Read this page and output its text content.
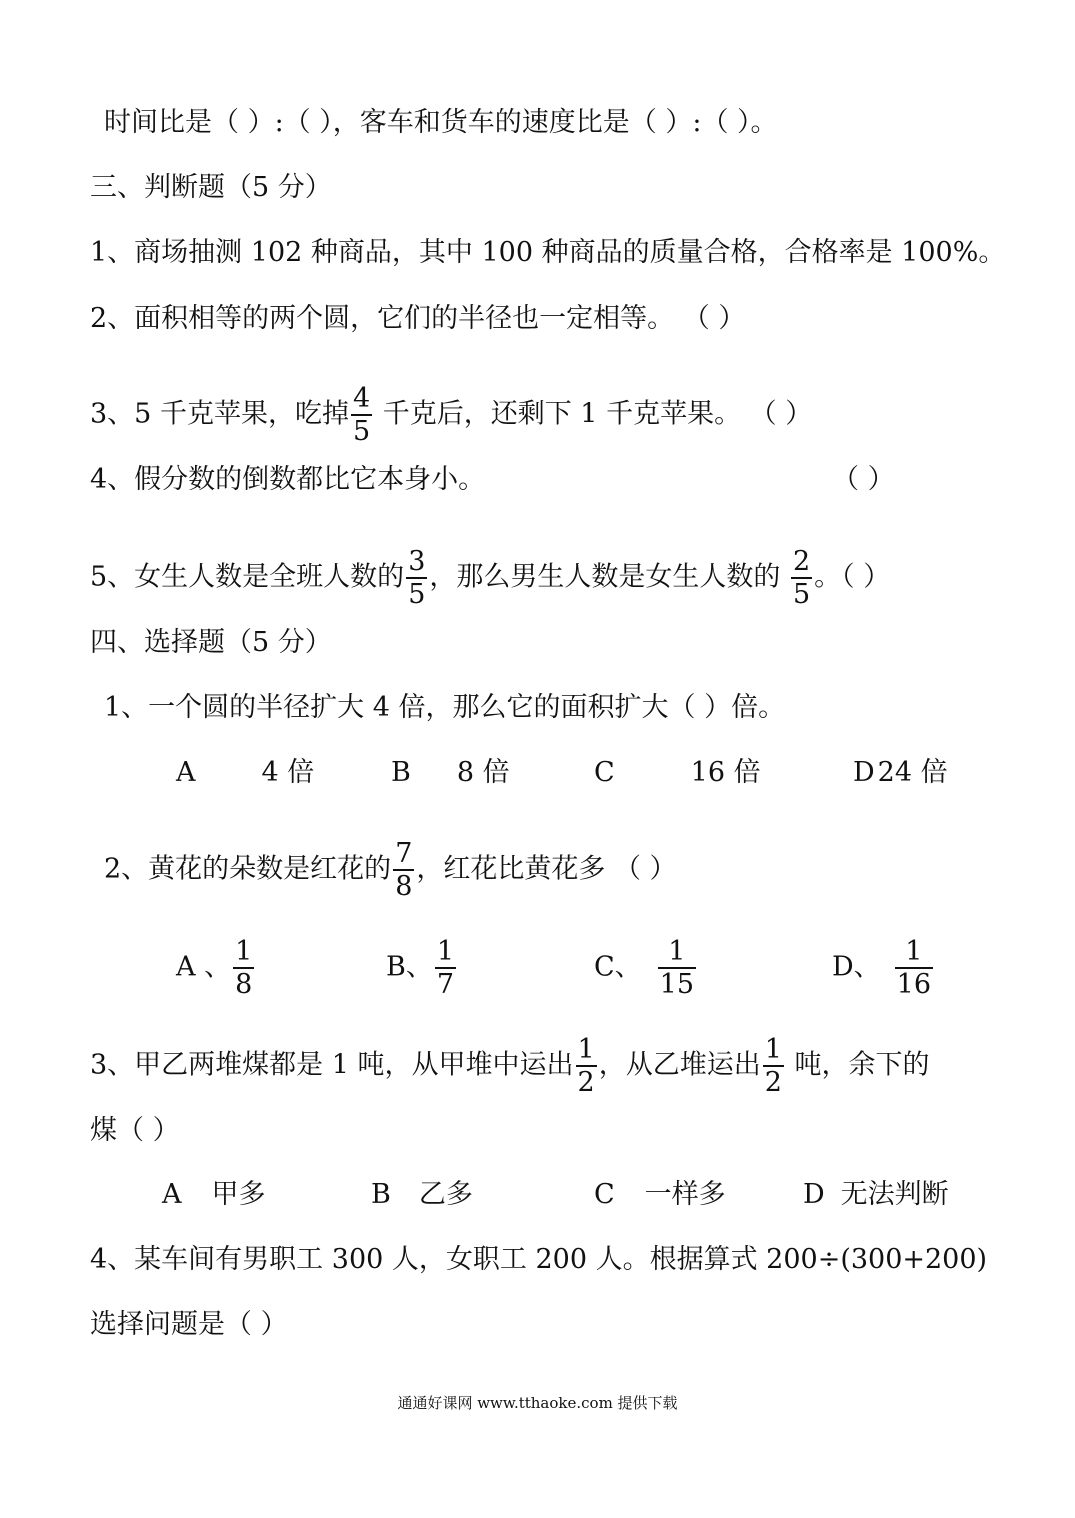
时间比是（ ）:（ ），客车和货车的速度比是（ ）:（ ）。
三、判断题（5 分）
1、商场抽测 102 种商品，其中 100 种商品的质量合格，合格率是 100%。
2、面积相等的两个圆，它们的半径也一定相等。 （ ）
3、5 千克苹果，吃掉 $\frac{4}{5}$ 千克后，还剩下 1 千克苹果。 （ ）
4、假分数的倒数都比它本身小。	（ ）
5、女生人数是全班人数的 $\frac{3}{5}$ ，那么男生人数是女生人数的 $\frac{2}{5}$ 。（ ）
四、选择题（5 分）
1、一个圆的半径扩大 4 倍，那么它的面积扩大（ ）倍。
A 4 倍	B 8 倍	C	16 倍	D 24 倍
2、黄花的朵数是红花的 $\frac{7}{8}$ ，红花比黄花多 （ ）
A 、 $\frac{1}{8}$	B、 $\frac{1}{7}$	C、 $\frac{1}{15}$	D、 $\frac{1}{16}$
3、甲乙两堆煤都是 1 吨，从甲堆中运出 $\frac{1}{2}$ ，从乙堆运出 $\frac{1}{2}$ 吨，余下的
煤（ ）
A 甲多	B 乙多	C 一样多	D 无法判断
4、某车间有男职工 300 人，女职工 200 人。根据算式 200÷(300+200)
选择问题是（ ）
通通好课网 www.tthaoke.com 提供下载
